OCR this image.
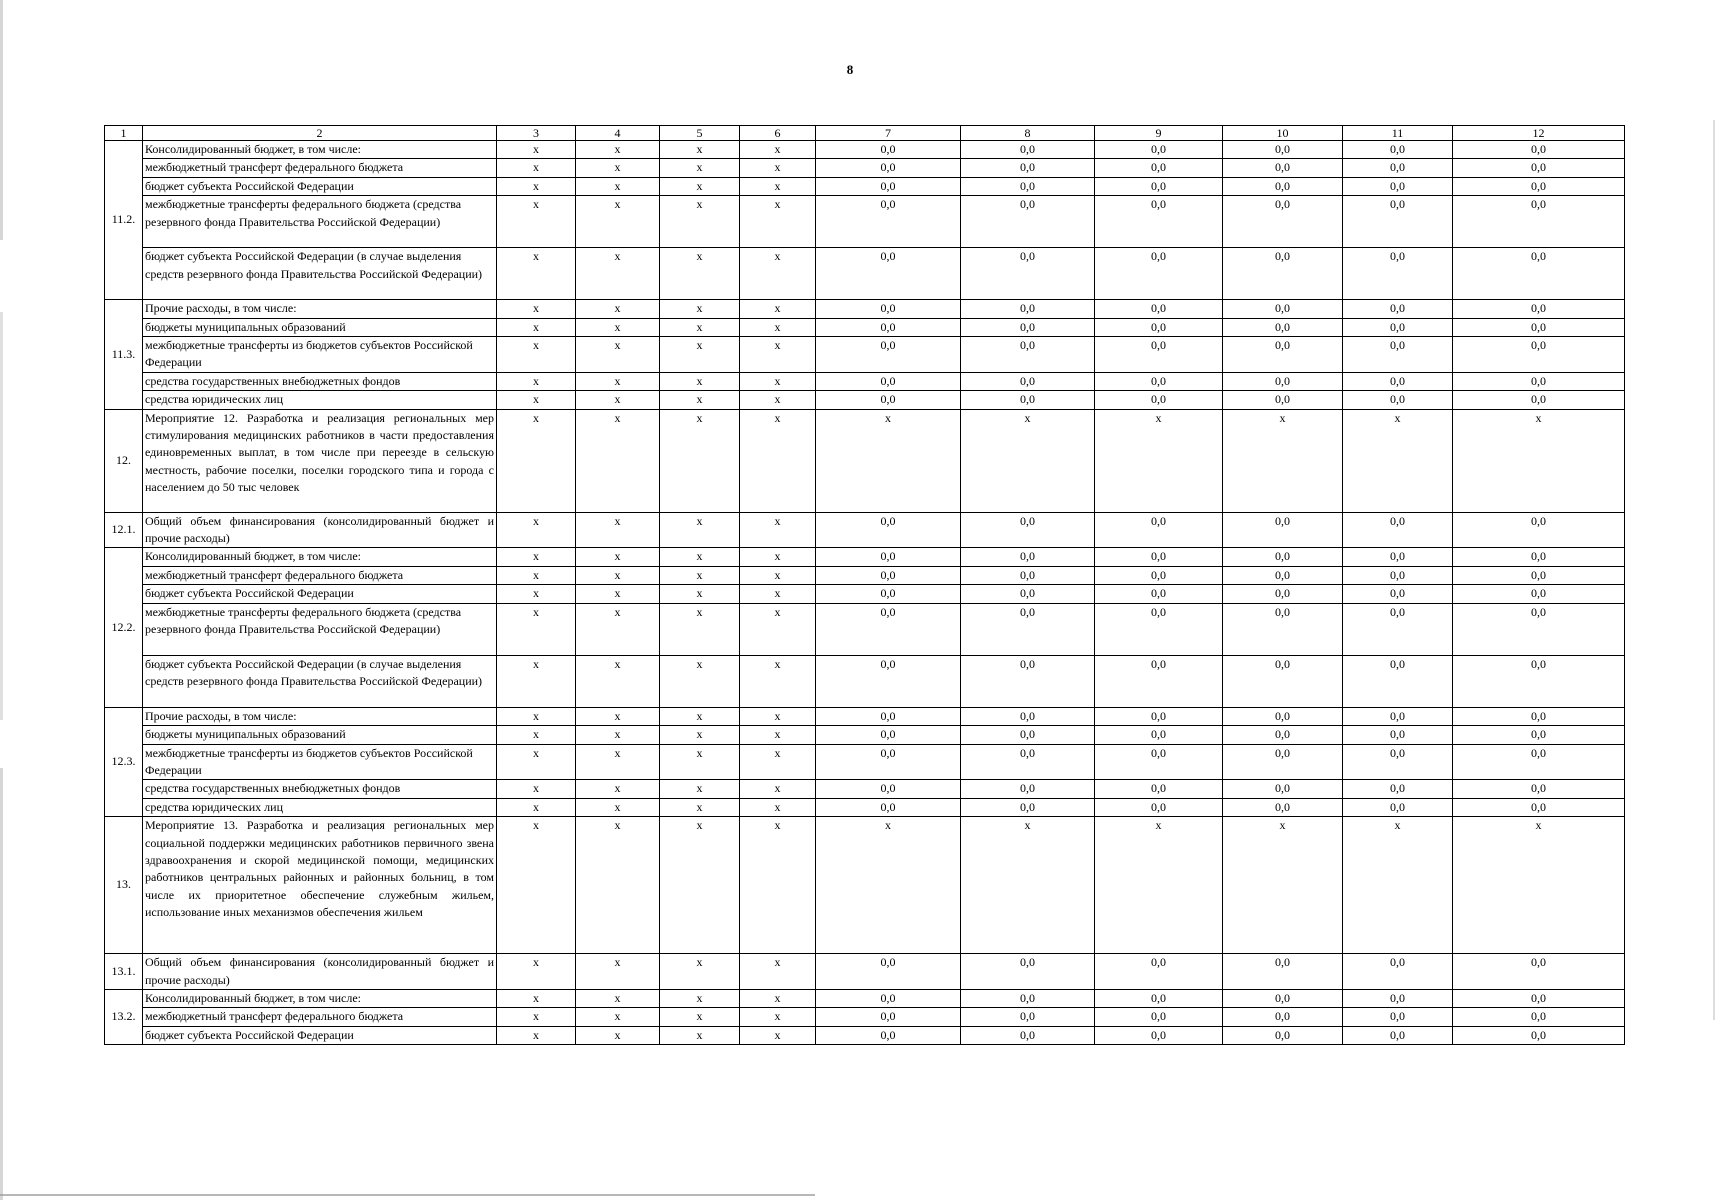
8
1	2	3	4	5	6	7	8	9	10	11	12
11.2.	Консолидированный бюджет, в том числе:	x	x	x	x	0,0	0,0	0,0	0,0	0,0	0,0
	межбюджетный трансферт федерального бюджета	x	x	x	x	0,0	0,0	0,0	0,0	0,0	0,0
	бюджет субъекта Российской Федерации	x	x	x	x	0,0	0,0	0,0	0,0	0,0	0,0
	межбюджетные трансферты федерального бюджета (средства резервного фонда Правительства Российской Федерации)	x	x	x	x	0,0	0,0	0,0	0,0	0,0	0,0
	бюджет субъекта Российской Федерации (в случае выделения средств резервного фонда Правительства Российской Федерации)	x	x	x	x	0,0	0,0	0,0	0,0	0,0	0,0
11.3.	Прочие расходы, в том числе:	x	x	x	x	0,0	0,0	0,0	0,0	0,0	0,0
	бюджеты муниципальных образований	x	x	x	x	0,0	0,0	0,0	0,0	0,0	0,0
	межбюджетные трансферты из бюджетов субъектов Российской Федерации	x	x	x	x	0,0	0,0	0,0	0,0	0,0	0,0
	средства государственных внебюджетных фондов	x	x	x	x	0,0	0,0	0,0	0,0	0,0	0,0
	средства юридических лиц	x	x	x	x	0,0	0,0	0,0	0,0	0,0	0,0
12.	Мероприятие 12. Разработка и реализация региональных мер стимулирования медицинских работников в части предоставления единовременных выплат, в том числе при переезде в сельскую местность, рабочие поселки, поселки городского типа и города с населением до 50 тыс человек	x	x	x	x	x	x	x	x	x	x
12.1.	Общий объем финансирования (консолидированный бюджет и прочие расходы)	x	x	x	x	0,0	0,0	0,0	0,0	0,0	0,0
12.2.	Консолидированный бюджет, в том числе:	x	x	x	x	0,0	0,0	0,0	0,0	0,0	0,0
	межбюджетный трансферт федерального бюджета	x	x	x	x	0,0	0,0	0,0	0,0	0,0	0,0
	бюджет субъекта Российской Федерации	x	x	x	x	0,0	0,0	0,0	0,0	0,0	0,0
	межбюджетные трансферты федерального бюджета (средства резервного фонда Правительства Российской Федерации)	x	x	x	x	0,0	0,0	0,0	0,0	0,0	0,0
	бюджет субъекта Российской Федерации (в случае выделения средств резервного фонда Правительства Российской Федерации)	x	x	x	x	0,0	0,0	0,0	0,0	0,0	0,0
12.3.	Прочие расходы, в том числе:	x	x	x	x	0,0	0,0	0,0	0,0	0,0	0,0
	бюджеты муниципальных образований	x	x	x	x	0,0	0,0	0,0	0,0	0,0	0,0
	межбюджетные трансферты из бюджетов субъектов Российской Федерации	x	x	x	x	0,0	0,0	0,0	0,0	0,0	0,0
	средства государственных внебюджетных фондов	x	x	x	x	0,0	0,0	0,0	0,0	0,0	0,0
	средства юридических лиц	x	x	x	x	0,0	0,0	0,0	0,0	0,0	0,0
13.	Мероприятие 13. Разработка и реализация региональных мер социальной поддержки медицинских работников первичного звена здравоохранения и скорой медицинской помощи, медицинских работников центральных районных и районных больниц, в том числе их приоритетное обеспечение служебным жильем, использование иных механизмов обеспечения жильем	x	x	x	x	x	x	x	x	x	x
13.1.	Общий объем финансирования (консолидированный бюджет и прочие расходы)	x	x	x	x	0,0	0,0	0,0	0,0	0,0	0,0
13.2.	Консолидированный бюджет, в том числе:	x	x	x	x	0,0	0,0	0,0	0,0	0,0	0,0
	межбюджетный трансферт федерального бюджета	x	x	x	x	0,0	0,0	0,0	0,0	0,0	0,0
	бюджет субъекта Российской Федерации	x	x	x	x	0,0	0,0	0,0	0,0	0,0	0,0
